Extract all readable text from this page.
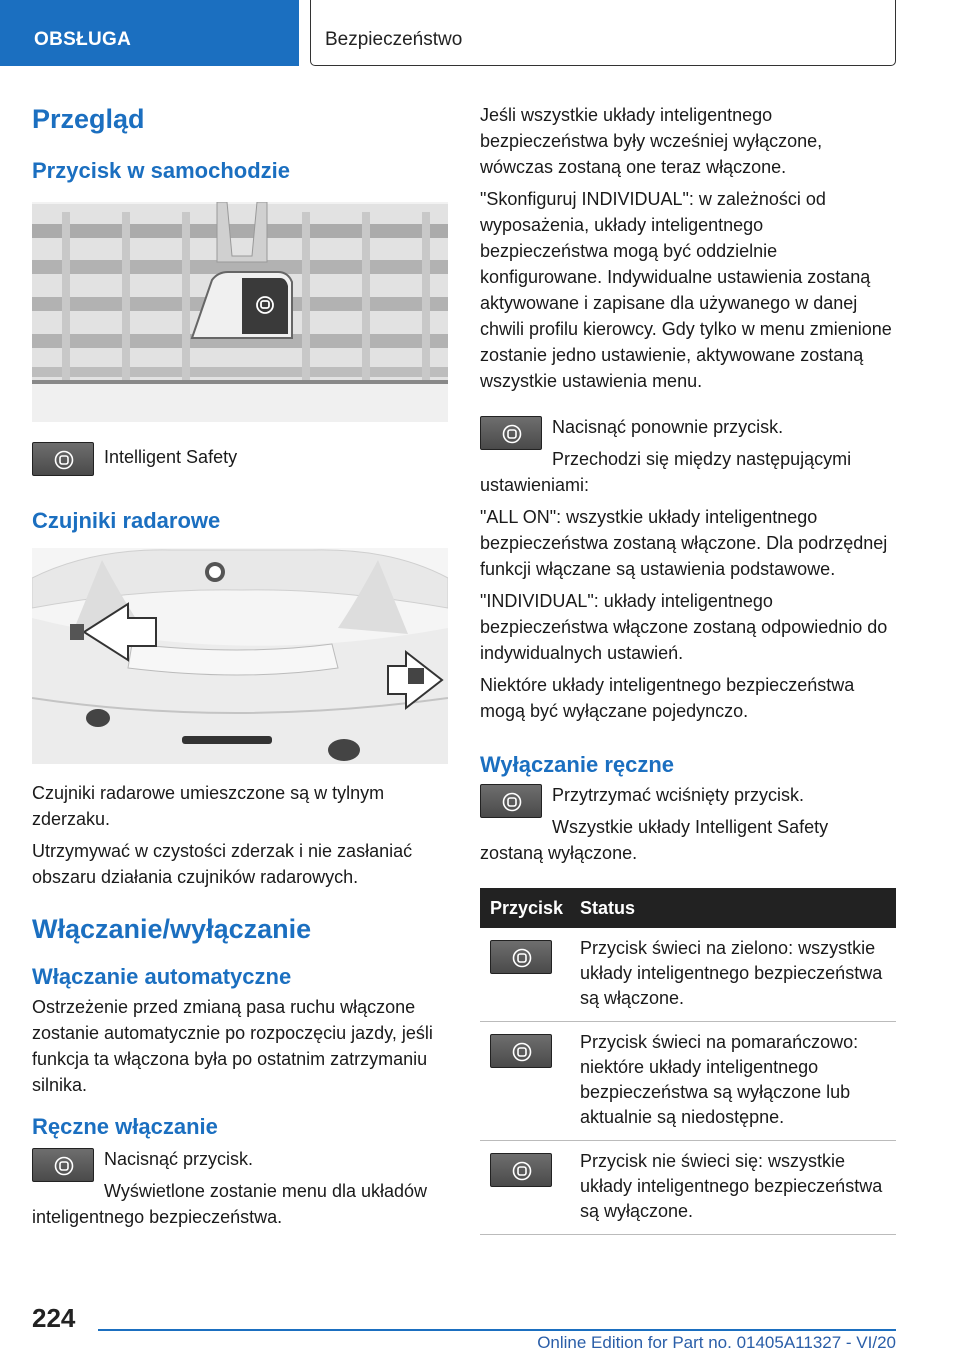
OBSŁUGA	Bezpieczeństwo
Przegląd
Przycisk w samochodzie

Intelligent Safety

Czujniki radarowe

Czujniki radarowe umieszczone są w tylnym zderzaku.

Utrzymywać w czystości zderzak i nie zasłaniać obszaru działania czujników radarowych.

Włączanie/wyłączanie
Włączanie automatyczne

Ostrzeżenie przed zmianą pasa ruchu włączone zostanie automatycznie po rozpoczęciu jazdy, jeśli funkcja ta włączona była po ostatnim zatrzymaniu silnika.

Ręczne włączanie

Nacisnąć przycisk.

Wyświetlone zostanie menu dla układów inteligentnego bezpieczeństwa.

Jeśli wszystkie układy inteligentnego bezpieczeństwa były wcześniej wyłączone, wówczas zostaną one teraz włączone.

"Skonfiguruj INDIVIDUAL": w zależności od wyposażenia, układy inteligentnego bezpieczeństwa mogą być oddzielnie konfigurowane. Indywidualne ustawienia zostaną aktywowane i zapisane dla używanego w danej chwili profilu kierowcy. Gdy tylko w menu zmienione zostanie jedno ustawienie, aktywowane zostaną wszystkie ustawienia menu.

Nacisnąć ponownie przycisk.

Przechodzi się między następującymi ustawieniami:

"ALL ON": wszystkie układy inteligentnego bezpieczeństwa zostaną włączone. Dla podrzędnej funkcji włączane są ustawienia podstawowe.

"INDIVIDUAL": układy inteligentnego bezpieczeństwa włączone zostaną odpowiednio do indywidualnych ustawień.

Niektóre układy inteligentnego bezpieczeństwa mogą być wyłączane pojedynczo.

Wyłączanie ręczne

Przytrzymać wciśnięty przycisk.

Wszystkie układy Intelligent Safety zostaną wyłączone.

Przycisk	Status

	Przycisk świeci na zielono: wszystkie układy inteligentnego bezpieczeństwa są włączone.

	Przycisk świeci na pomarańczowo: niektóre układy inteligentnego bezpieczeństwa są wyłączone lub aktualnie są niedostępne.

	Przycisk nie świeci się: wszystkie układy inteligentnego bezpieczeństwa są wyłączone.
224
Online Edition for Part no. 01405A11327 - VI/20
